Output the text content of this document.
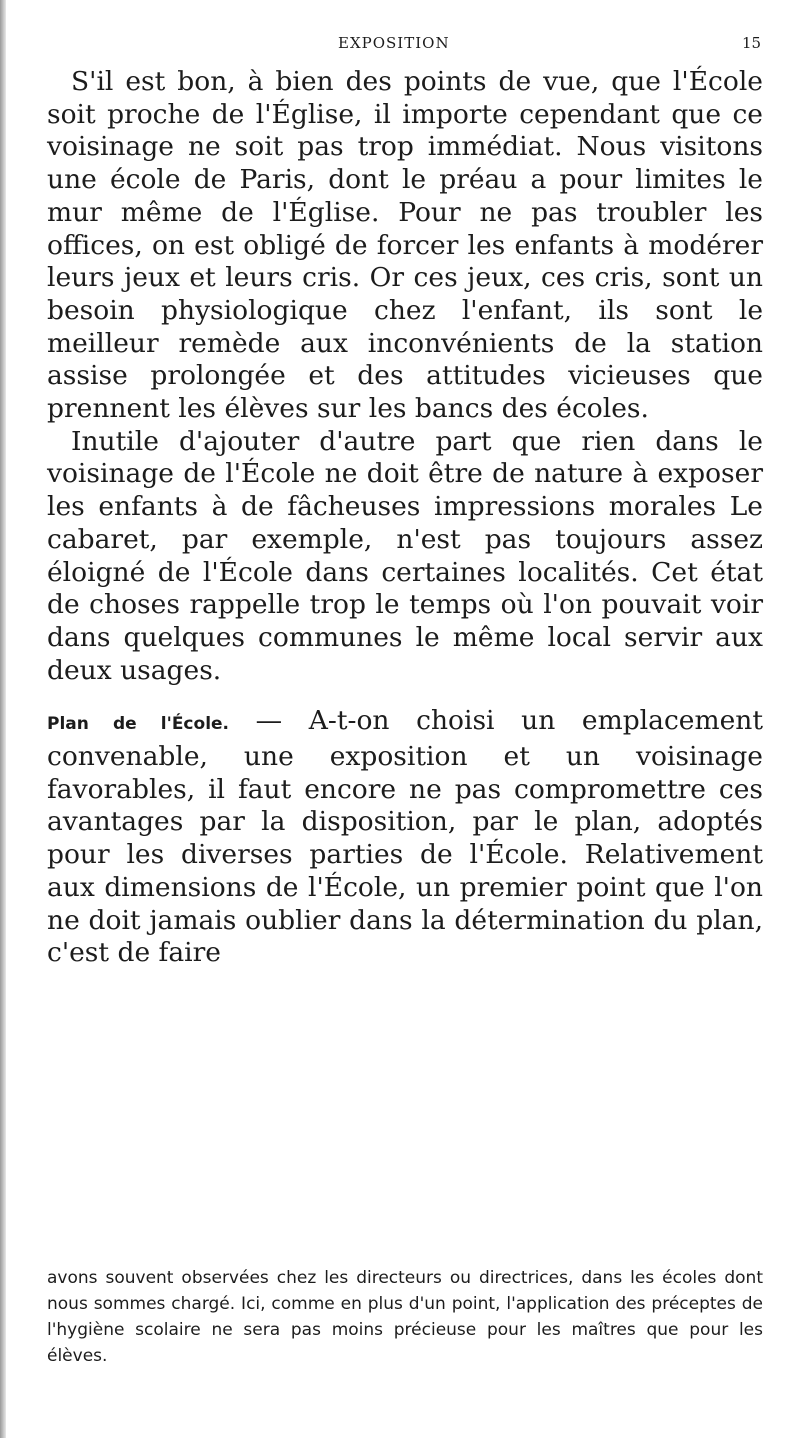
EXPOSITION	15

S'il est bon, à bien des points de vue, que l'École soit proche de l'Église, il importe cependant que ce voisinage ne soit pas trop immédiat. Nous visitons une école de Paris, dont le préau a pour limites le mur même de l'Église. Pour ne pas troubler les offices, on est obligé de forcer les enfants à modérer leurs jeux et leurs cris. Or ces jeux, ces cris, sont un besoin physiologique chez l'enfant, ils sont le meilleur remède aux inconvénients de la station assise prolongée et des attitudes vicieuses que prennent les élèves sur les bancs des écoles.

Inutile d'ajouter d'autre part que rien dans le voisinage de l'École ne doit être de nature à exposer les enfants à de fâcheuses impressions morales Le cabaret, par exemple, n'est pas toujours assez éloigné de l'École dans certaines localités. Cet état de choses rappelle trop le temps où l'on pouvait voir dans quelques communes le même local servir aux deux usages.

Plan de l'École. — A-t-on choisi un emplacement convenable, une exposition et un voisinage favorables, il faut encore ne pas compromettre ces avantages par la disposition, par le plan, adoptés pour les diverses parties de l'École. Relativement aux dimensions de l'École, un premier point que l'on ne doit jamais oublier dans la détermination du plan, c'est de faire

avons souvent observées chez les directeurs ou directrices, dans les écoles dont nous sommes chargé. Ici, comme en plus d'un point, l'application des préceptes de l'hygiène scolaire ne sera pas moins précieuse pour les maîtres que pour les élèves.
